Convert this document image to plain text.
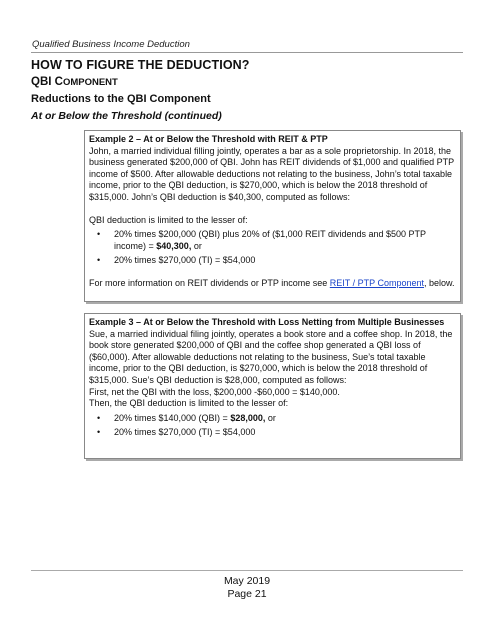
Qualified Business Income Deduction
HOW TO FIGURE THE DEDUCTION?
QBI COMPONENT
Reductions to the QBI Component
At or Below the Threshold (continued)
Example 2 – At or Below the Threshold with REIT & PTP
John, a married individual filling jointly, operates a bar as a sole proprietorship. In 2018, the business generated $200,000 of QBI. John has REIT dividends of $1,000 and qualified PTP income of $500. After allowable deductions not relating to the business, John’s total taxable income, prior to the QBI deduction, is $270,000, which is below the 2018 threshold of $315,000. John’s QBI deduction is $40,300, computed as follows:
QBI deduction is limited to the lesser of:
• 20% times $200,000 (QBI) plus 20% of ($1,000 REIT dividends and $500 PTP income) = $40,300, or
• 20% times $270,000 (TI) = $54,000
For more information on REIT dividends or PTP income see REIT / PTP Component, below.
Example 3 – At or Below the Threshold with Loss Netting from Multiple Businesses
Sue, a married individual filing jointly, operates a book store and a coffee shop. In 2018, the book store generated $200,000 of QBI and the coffee shop generated a QBI loss of ($60,000). After allowable deductions not relating to the business, Sue’s total taxable income, prior to the QBI deduction, is $270,000, which is below the 2018 threshold of $315,000. Sue’s QBI deduction is $28,000, computed as follows:
First, net the QBI with the loss, $200,000 -$60,000 = $140,000.
Then, the QBI deduction is limited to the lesser of:
• 20% times $140,000 (QBI) = $28,000, or
• 20% times $270,000 (TI) = $54,000
May 2019
Page 21
